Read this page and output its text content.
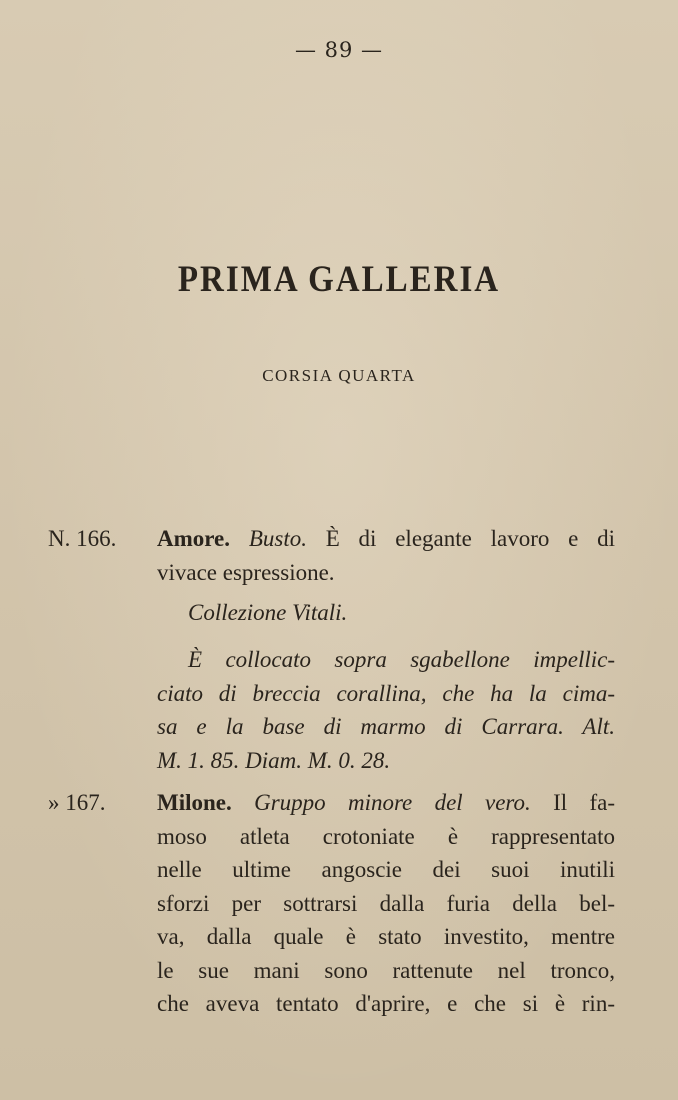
— 89 —
PRIMA GALLERIA
CORSIA QUARTA
N. 166. Amore. Busto. È di elegante lavoro e di
vivace espressione.
Collezione Vitali.
È collocato sopra sgabellone impellic-
ciato di breccia corallina, che ha la cima-
sa e la base di marmo di Carrara. Alt.
M. 1. 85. Diam. M. 0. 28.
» 167. Milone. Gruppo minore del vero. Il fa-
moso atleta crotoniate è rappresentato
nelle ultime angoscie dei suoi inutili
sforzi per sottrarsi dalla furia della bel-
va, dalla quale è stato investito, mentre
le sue mani sono rattenute nel tronco,
che aveva tentato d'aprire, e che si è rin-
